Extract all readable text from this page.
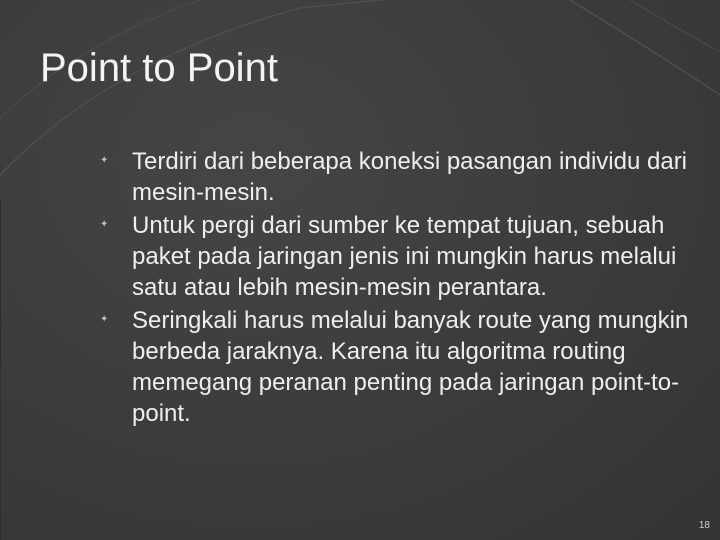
Point to Point
✦ Terdiri dari beberapa koneksi pasangan individu dari mesin-mesin.
✦ Untuk pergi dari sumber ke tempat tujuan, sebuah paket pada jaringan jenis ini mungkin harus melalui satu atau lebih mesin-mesin perantara.
✦ Seringkali harus melalui banyak route yang mungkin berbeda jaraknya. Karena itu algoritma routing memegang peranan penting pada jaringan point-to-point.
18
